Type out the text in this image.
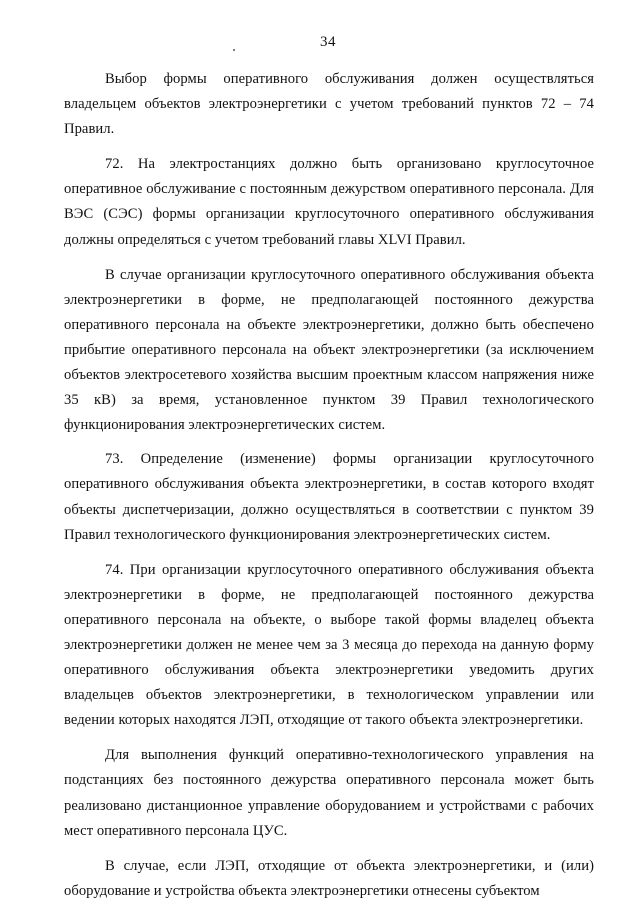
34

Выбор формы оперативного обслуживания должен осуществляться владельцем объектов электроэнергетики с учетом требований пунктов 72 – 74 Правил.

72. На электростанциях должно быть организовано круглосуточное оперативное обслуживание с постоянным дежурством оперативного персонала. Для ВЭС (СЭС) формы организации круглосуточного оперативного обслуживания должны определяться с учетом требований главы XLVI Правил.

В случае организации круглосуточного оперативного обслуживания объекта электроэнергетики в форме, не предполагающей постоянного дежурства оперативного персонала на объекте электроэнергетики, должно быть обеспечено прибытие оперативного персонала на объект электроэнергетики (за исключением объектов электросетевого хозяйства высшим проектным классом напряжения ниже 35 кВ) за время, установленное пунктом 39 Правил технологического функционирования электроэнергетических систем.

73. Определение (изменение) формы организации круглосуточного оперативного обслуживания объекта электроэнергетики, в состав которого входят объекты диспетчеризации, должно осуществляться в соответствии с пунктом 39 Правил технологического функционирования электроэнергетических систем.

74. При организации круглосуточного оперативного обслуживания объекта электроэнергетики в форме, не предполагающей постоянного дежурства оперативного персонала на объекте, о выборе такой формы владелец объекта электроэнергетики должен не менее чем за 3 месяца до перехода на данную форму оперативного обслуживания объекта электроэнергетики уведомить других владельцев объектов электроэнергетики, в технологическом управлении или ведении которых находятся ЛЭП, отходящие от такого объекта электроэнергетики.

Для выполнения функций оперативно-технологического управления на подстанциях без постоянного дежурства оперативного персонала может быть реализовано дистанционное управление оборудованием и устройствами с рабочих мест оперативного персонала ЦУС.

В случае, если ЛЭП, отходящие от объекта электроэнергетики, и (или) оборудование и устройства объекта электроэнергетики отнесены субъектом
